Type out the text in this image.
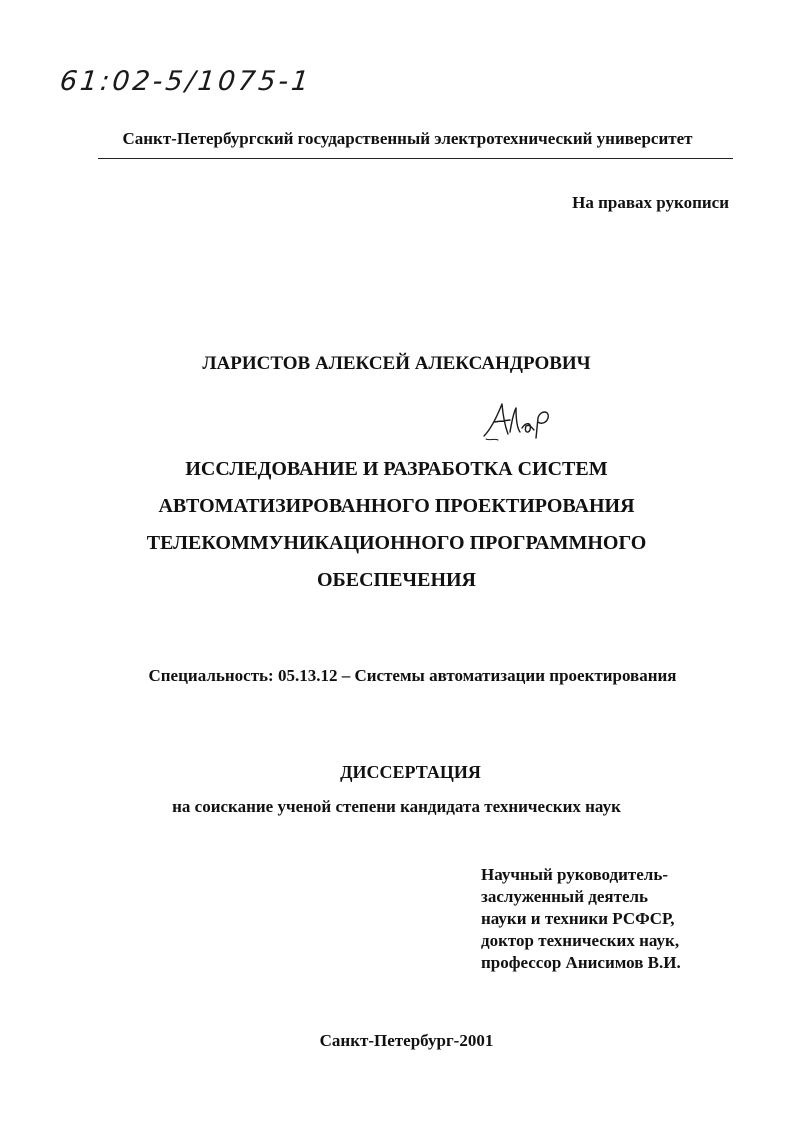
61:02-5/1075-1
Санкт-Петербургский государственный электротехнический университет
На правах рукописи
ЛАРИСТОВ АЛЕКСЕЙ АЛЕКСАНДРОВИЧ
ИССЛЕДОВАНИЕ И РАЗРАБОТКА СИСТЕМ
АВТОМАТИЗИРОВАННОГО ПРОЕКТИРОВАНИЯ
ТЕЛЕКОММУНИКАЦИОННОГО ПРОГРАММНОГО
ОБЕСПЕЧЕНИЯ
Специальность: 05.13.12 – Системы автоматизации проектирования
ДИССЕРТАЦИЯ
на соискание ученой степени кандидата технических наук
Научный руководитель-
заслуженный деятель
науки и техники РСФСР,
доктор технических наук,
профессор Анисимов В.И.
Санкт-Петербург-2001
